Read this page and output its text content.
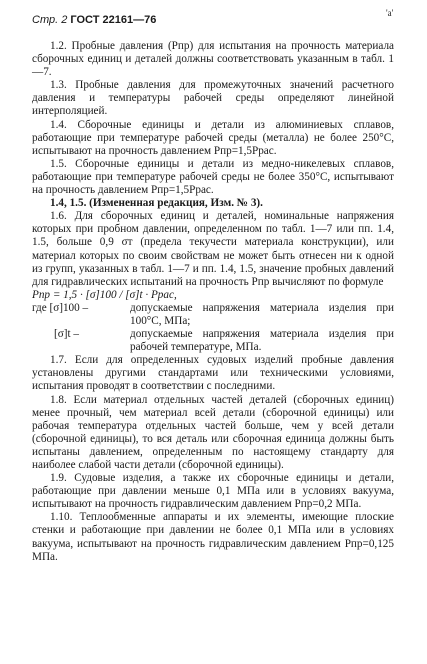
Стр. 2 ГОСТ 22161—76
'a'

1.2. Пробные давления (Pпр) для испытания на прочность материала сборочных единиц и деталей должны соответствовать указанным в табл. 1—7.

1.3. Пробные давления для промежуточных значений расчетного давления и температуры рабочей среды определяют линейной интерполяцией.

1.4. Сборочные единицы и детали из алюминиевых сплавов, работающие при температуре рабочей среды (металла) не более 250°С, испытывают на прочность давлением Pпр=1,5Pрас.

1.5. Сборочные единицы и детали из медно-никелевых сплавов, работающие при температуре рабочей среды не более 350°С, испытывают на прочность давлением Pпр=1,5Pрас.

1.4, 1.5. (Измененная редакция, Изм. № 3).

1.6. Для сборочных единиц и деталей, номинальные напряжения которых при пробном давлении, определенном по табл. 1—7 или пп. 1.4, 1.5, больше 0,9 σт (предела текучести материала конструкции), или материал которых по своим свойствам не может быть отнесен ни к одной из групп, указанных в табл. 1—7 и пп. 1.4, 1.5, значение пробных давлений для гидравлических испытаний на прочность Pпр вычисляют по формуле

Pпр = 1,5 · [σ]100 / [σ]t · Pрас,

где [σ]100 –	допускаемые напряжения материала изделия при 100°С, МПа;
[σ]t –	допускаемые напряжения материала изделия при рабочей температуре, МПа.

1.7. Если для определенных судовых изделий пробные давления установлены другими стандартами или техническими условиями, испытания проводят в соответствии с последними.

1.8. Если материал отдельных частей деталей (сборочных единиц) менее прочный, чем материал всей детали (сборочной единицы) или рабочая температура отдельных частей больше, чем у всей детали (сборочной единицы), то вся деталь или сборочная единица должны быть испытаны давлением, определенным по настоящему стандарту для наиболее слабой части детали (сборочной единицы).

1.9. Судовые изделия, а также их сборочные единицы и детали, работающие при давлении меньше 0,1 МПа или в условиях вакуума, испытывают на прочность гидравлическим давлением Pпр=0,2 МПа.

1.10. Теплообменные аппараты и их элементы, имеющие плоские стенки и работающие при давлении не более 0,1 МПа или в условиях вакуума, испытывают на прочность гидравлическим давлением Pпр=0,125 МПа.
